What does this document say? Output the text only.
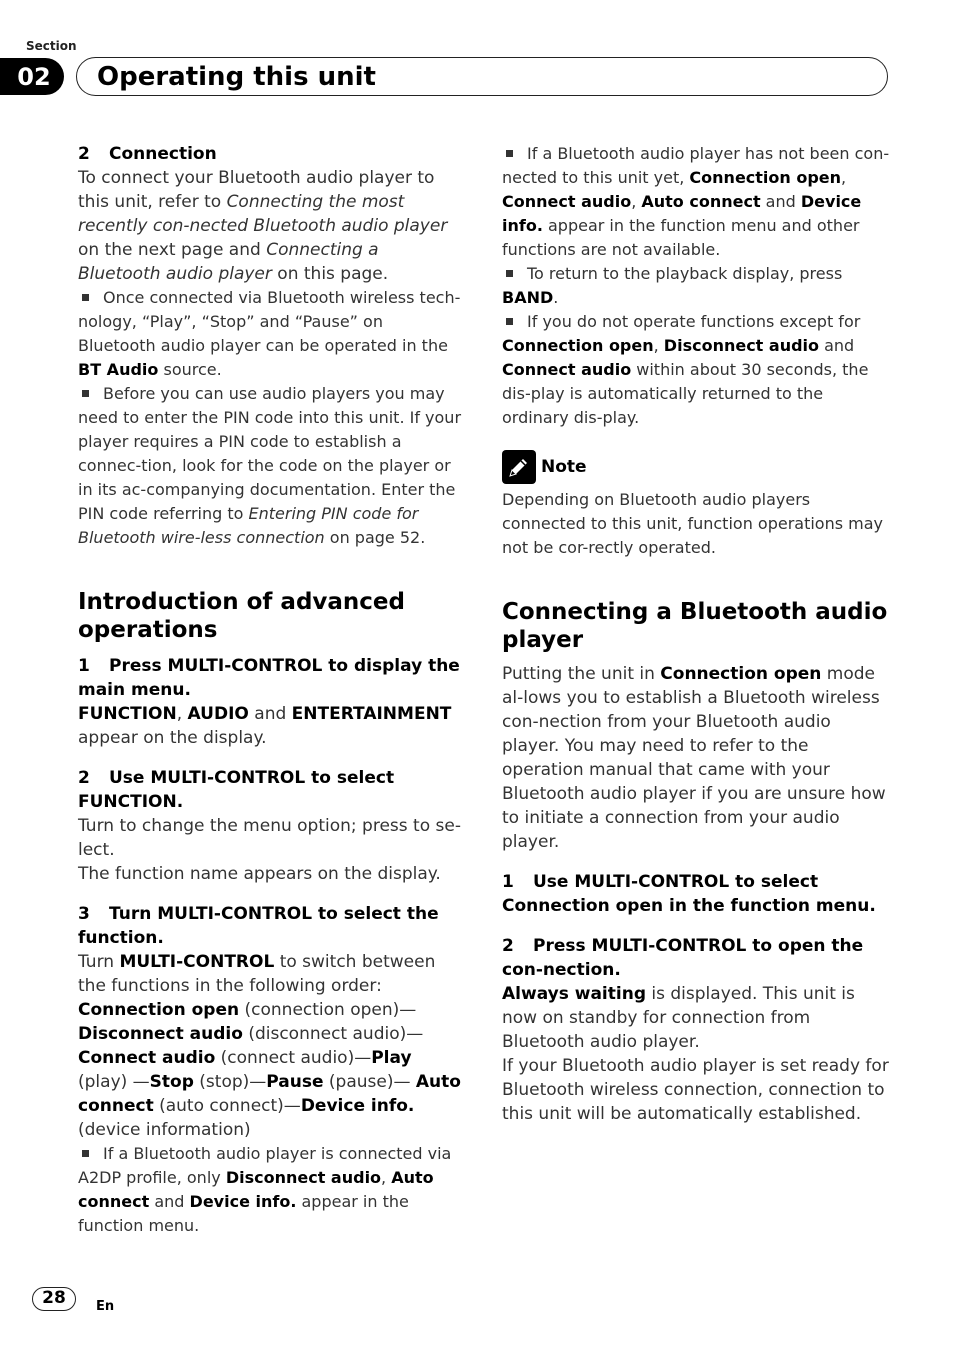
Section
02	Operating this unit

2 Connection

To connect your Bluetooth audio player to this unit, refer to Connecting the most recently con-nected Bluetooth audio player on the next page and Connecting a Bluetooth audio player on this page.

Once connected via Bluetooth wireless tech-nology, “Play”, “Stop” and “Pause” on Bluetooth audio player can be operated in the BT Audio source.

Before you can use audio players you may need to enter the PIN code into this unit. If your player requires a PIN code to establish a connec-tion, look for the code on the player or in its ac-companying documentation. Enter the PIN code referring to Entering PIN code for Bluetooth wire-less connection on page 52.

Introduction of advanced operations

1 Press MULTI-CONTROL to display the main menu.

FUNCTION, AUDIO and ENTERTAINMENT appear on the display.

2 Use MULTI-CONTROL to select FUNCTION.

Turn to change the menu option; press to se-lect.

The function name appears on the display.

3 Turn MULTI-CONTROL to select the function.

Turn MULTI-CONTROL to switch between the functions in the following order:

Connection open (connection open)— Disconnect audio (disconnect audio)— Connect audio (connect audio)—Play (play) —Stop (stop)—Pause (pause)— Auto connect (auto connect)—Device info. (device information)

If a Bluetooth audio player is connected via A2DP profile, only Disconnect audio, Auto connect and Device info. appear in the function menu.

If a Bluetooth audio player has not been con-nected to this unit yet, Connection open, Connect audio, Auto connect and Device info. appear in the function menu and other functions are not available.

To return to the playback display, press BAND.

If you do not operate functions except for Connection open, Disconnect audio and Connect audio within about 30 seconds, the dis-play is automatically returned to the ordinary dis-play.

Note

Depending on Bluetooth audio players connected to this unit, function operations may not be cor-rectly operated.

Connecting a Bluetooth audio player

Putting the unit in Connection open mode al-lows you to establish a Bluetooth wireless con-nection from your Bluetooth audio player. You may need to refer to the operation manual that came with your Bluetooth audio player if you are unsure how to initiate a connection from your audio player.

1 Use MULTI-CONTROL to select Connection open in the function menu.

2 Press MULTI-CONTROL to open the con-nection.

Always waiting is displayed. This unit is now on standby for connection from Bluetooth audio player.

If your Bluetooth audio player is set ready for Bluetooth wireless connection, connection to this unit will be automatically established.

28	En
